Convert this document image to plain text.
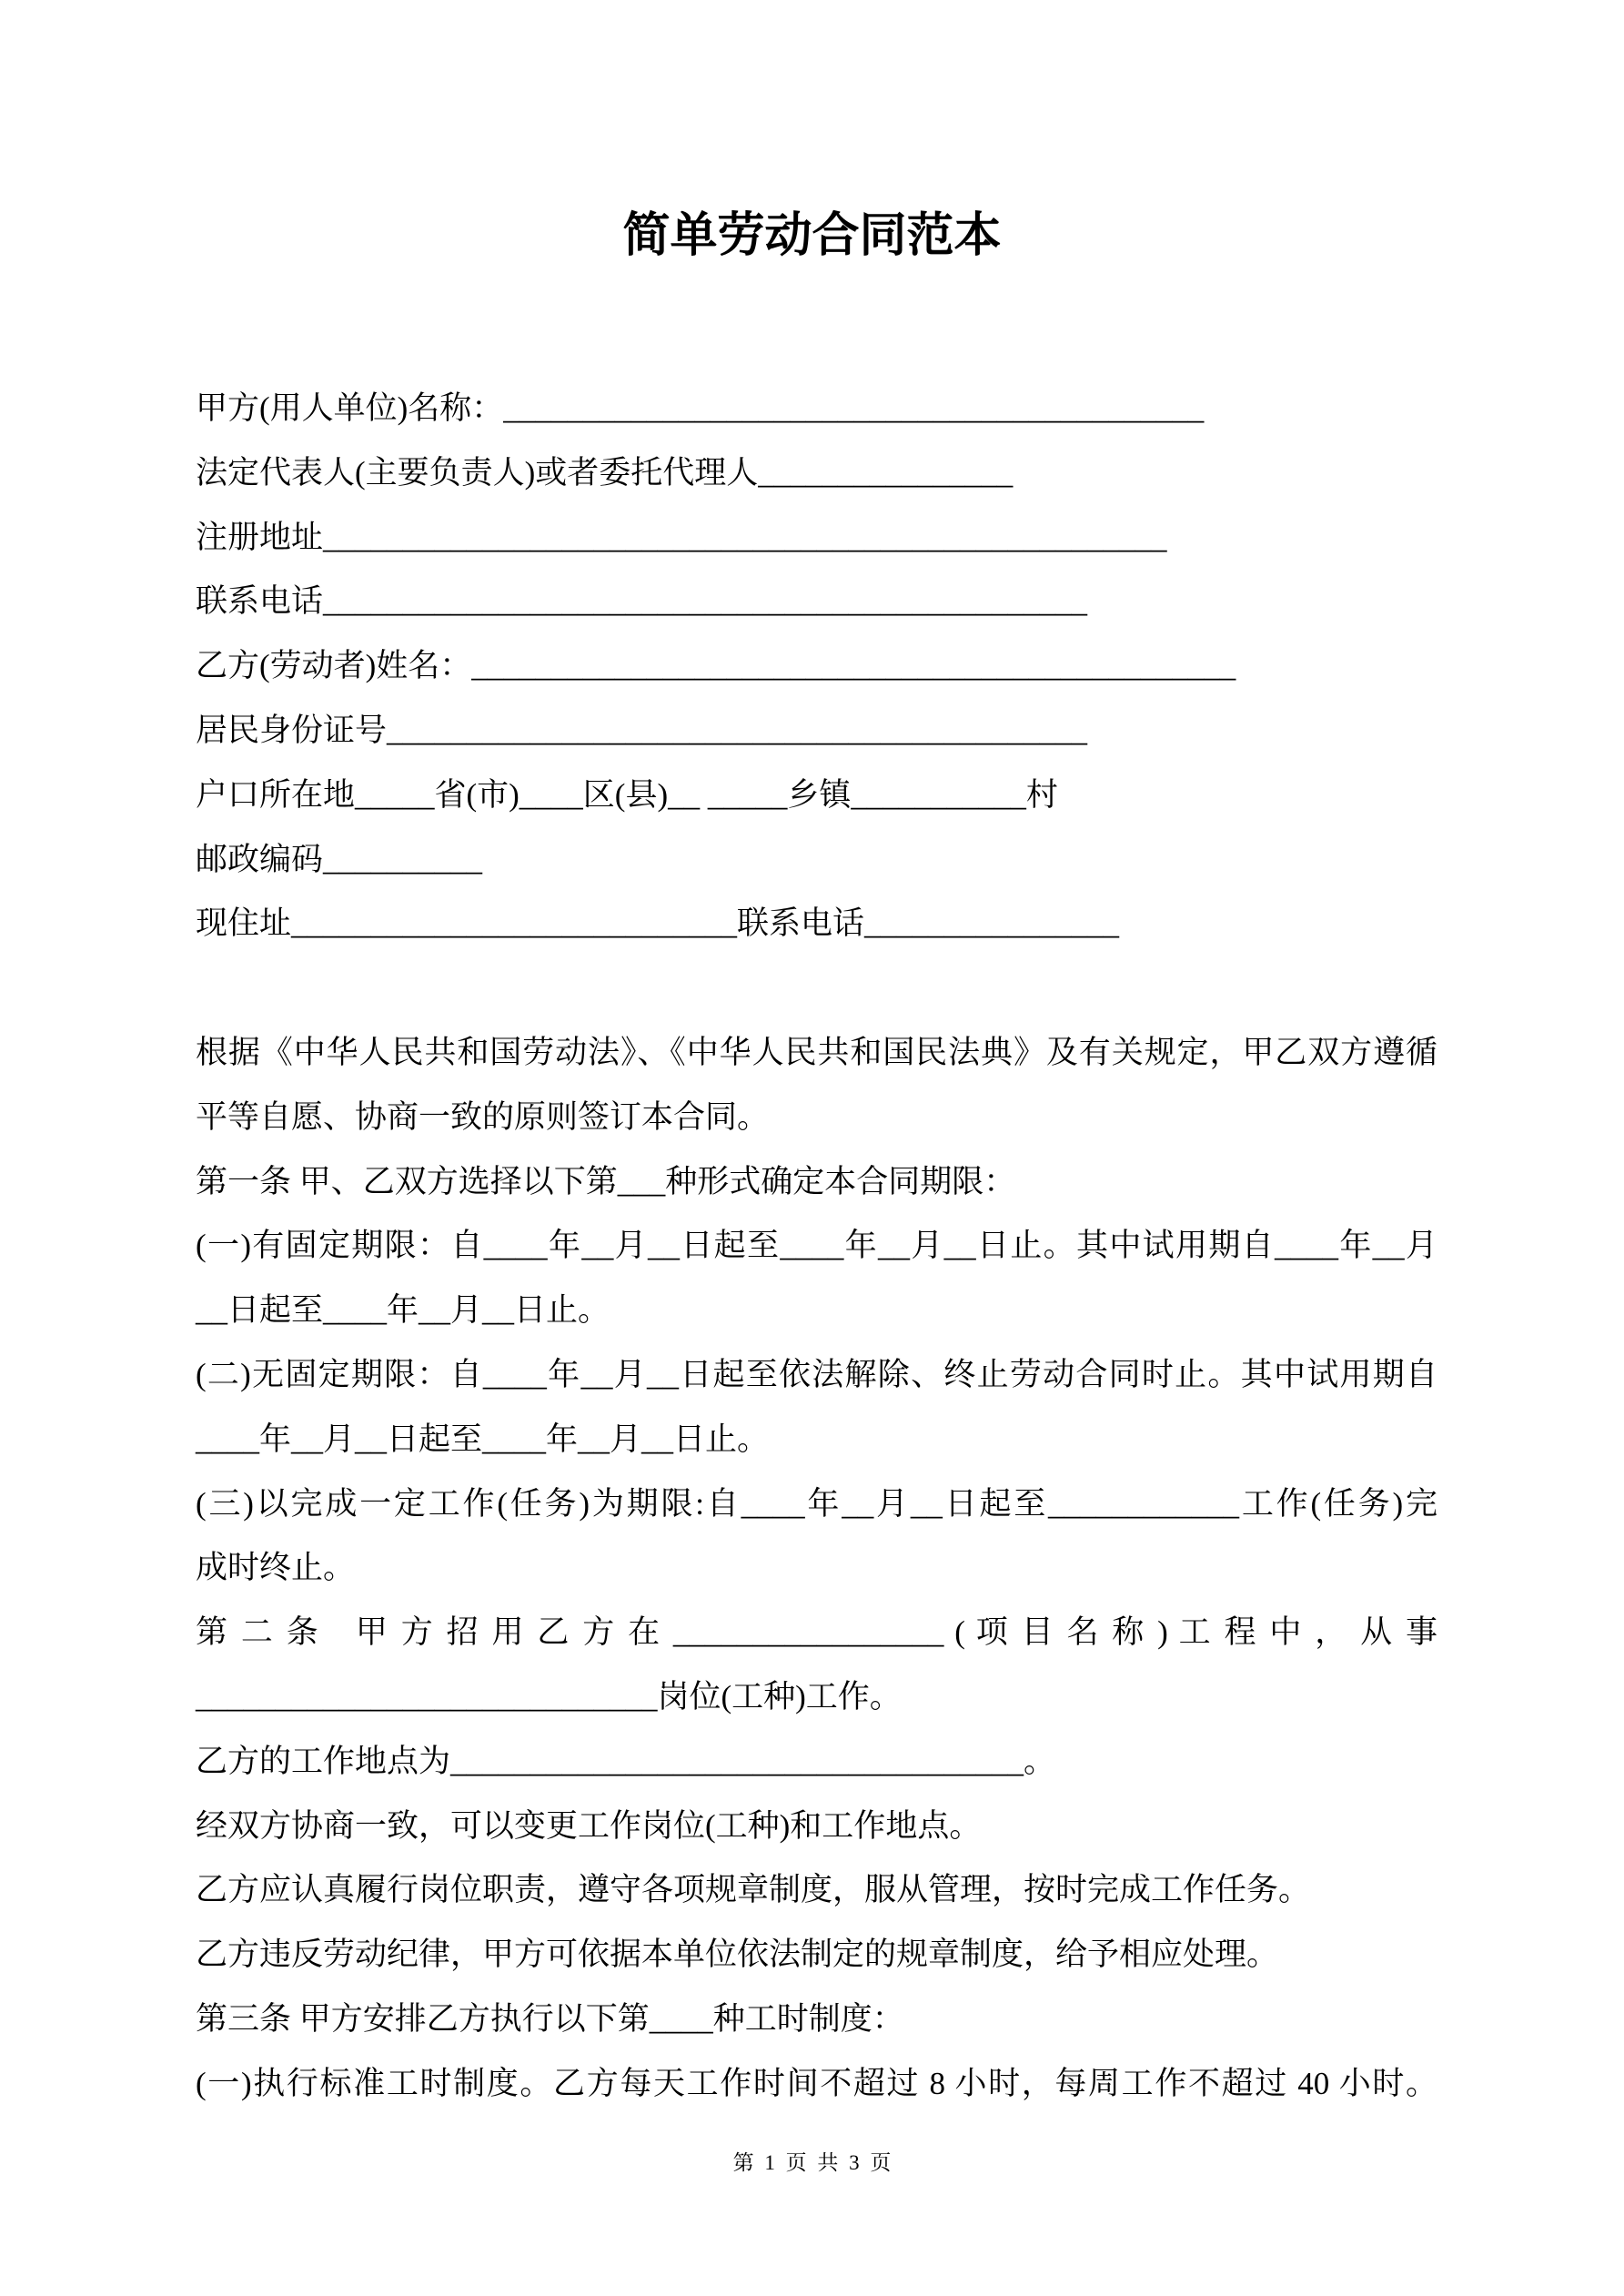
简单劳动合同范本
甲方(用人单位)名称：____________________________________________
法定代表人(主要负责人)或者委托代理人________________
注册地址_____________________________________________________
联系电话________________________________________________
乙方(劳动者)姓名：________________________________________________
居民身份证号____________________________________________
户口所在地_____省(市)____区(县)__ _____乡镇___________村
邮政编码__________
现住址____________________________联系电话________________
根据《中华人民共和国劳动法》、《中华人民共和国民法典》及有关规定，甲乙双方遵循
平等自愿、协商一致的原则签订本合同。
第一条 甲、乙双方选择以下第___种形式确定本合同期限：
(一)有固定期限：自____年__月__日起至____年__月__日止。其中试用期自____年__月
__日起至____年__月__日止。
(二)无固定期限：自____年__月__日起至依法解除、终止劳动合同时止。其中试用期自
____年__月__日起至____年__月__日止。
(三)以完成一定工作(任务)为期限:自____年__月__日起至____________工作(任务)完
成时终止。
第 二 条　甲 方 招 用 乙 方 在 _________________ ( 项 目 名 称 ) 工 程 中 ， 从 事
_____________________________岗位(工种)工作。
乙方的工作地点为____________________________________。
经双方协商一致，可以变更工作岗位(工种)和工作地点。
乙方应认真履行岗位职责，遵守各项规章制度，服从管理，按时完成工作任务。
乙方违反劳动纪律，甲方可依据本单位依法制定的规章制度，给予相应处理。
第三条 甲方安排乙方执行以下第____种工时制度：
(一)执行标准工时制度。乙方每天工作时间不超过 8 小时，每周工作不超过 40 小时。
第 1 页 共 3 页
